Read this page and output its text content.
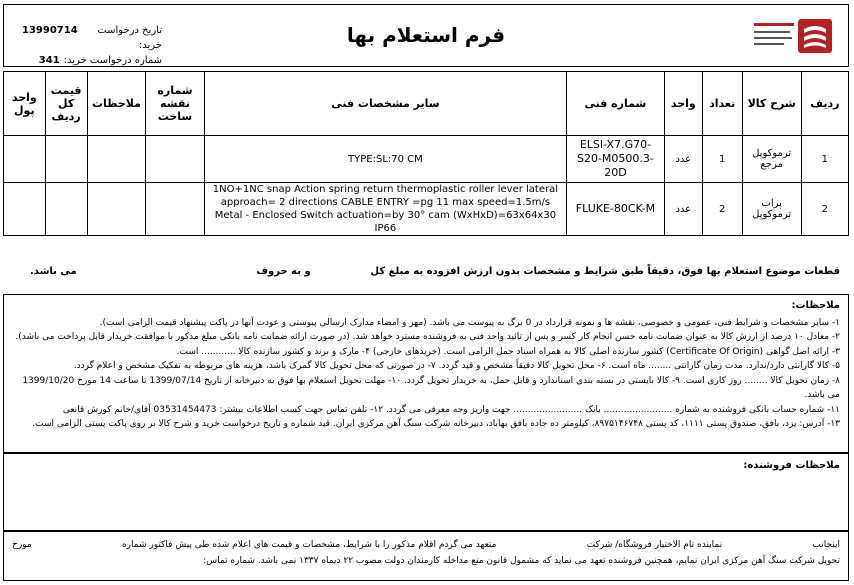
تاریخ درخواست خرید:
13990714
شماره درخواست خرید:
341
فرم استعلام بها
ردیف	شرح کالا	تعداد	واحد	شماره فنی	سایر مشخصات فنی	شماره نقشه ساخت	ملاحظات	قیمت کل ردیف	واحد پول
1	ترموکوپل مرجع	1	عدد	ELSI-X7.G70-S20-M0500.3-20D	TYPE:SL:70 CM				
2	پراب ترموکوپل	2	عدد	FLUKE-80CK-M	1NO+1NC snap Action spring return thermoplastic roller lever lateral approach= 2 directions CABLE ENTRY =pg 11 max speed=1.5m/s Metal - Enclosed Switch actuation=by 30° cam (WxHxD)=63x64x30 IP66				
قطعات موضوع استعلام بها فوق، دقیقاً طبق شرایط و مشخصات بدون ارزش افزوده به مبلغ کل
و به حروف
می باشد.
ملاحظات:
۱- سایر مشخصات و شرایط فنی، عمومی و خصوصی، نقشه ها و نمونه قرارداد در 0 برگ به پیوست می باشد. (مهر و امضاء مدارک ارسالی پیوستی و عودت آنها در پاکت پیشنهاد قیمت الزامی است).
۲- معادل ۱۰ درصد از ارزش کالا به عنوان ضمانت نامه حسن انجام کار کسر و پس از تائید واحد فنی به فروشنده مسترد خواهد شد. (در صورت ارائه ضمانت نامه بانکی مبلغ مذکور با موافقت خریدار قابل پرداخت می باشد).
۳- ارائه اصل گواهی (Certificate Of Origin) کشور سازنده اصلی کالا به همراه اسناد حمل الزامی است. (خریدهای خارجی) ۴- مارک و برند و کشور سازنده کالا ............ است.
۵- کالا گارانتی دارد/ندارد. مدت زمان گارانتی ........ ماه است. ۶- محل تحویل کالا دقیقاً مشخص و قید گردد. ۷- در صورتی که محل تحویل کالا گمرک باشد، هزینه های مربوطه به تفکیک مشخص و اعلام گردد.
۸- زمان تحویل کالا ........ روز کاری است. ۹- کالا بایستی در بسته بندی استاندارد و قابل حمل، به خریدار تحویل گردد. ۱۰- مهلت تحویل استعلام بها فوق به دبیرخانه از تاریخ 1399/07/14 تا ساعت 14 مورخ 1399/10/20 می باشد.
۱۱- شماره حساب بانکی فروشنده به شماره ........................ بانک ........................ جهت واریز وجه معرفی می گردد. ۱۲- تلفن تماس جهت کسب اطلاعات بیشتر: 03531454473 آقای/خانم کورش قانعی
۱۳- آدرس: یزد، بافق، صندوق پستی ۱۱۱۱، کد پستی ۸۹۷۵۱۴۶۷۴۸، کیلومتر ده جاده بافق بهاباد، دبیرخانه شرکت سنگ آهن مرکزی ایران. قید شماره و تاریخ درخواست خرید و شرح کالا بر روی پاکت پستی الزامی است.
ملاحظات فروشنده:
اینجانب
نماینده تام الاختیار فروشگاه/ شرکت
متعهد می گردم اقلام مذکور را با شرایط، مشخصات و قیمت های اعلام شده طی پیش فاکتور شماره
مورخ
تحویل شرکت سنگ آهن مرکزی ایران نمایم، همچنین فروشنده تعهد می نماید که مشمول قانون منع مداخله کارمندان دولت مصوب ۲۲ دیماه ۱۳۳۷ نمی باشد. شماره تماس:
